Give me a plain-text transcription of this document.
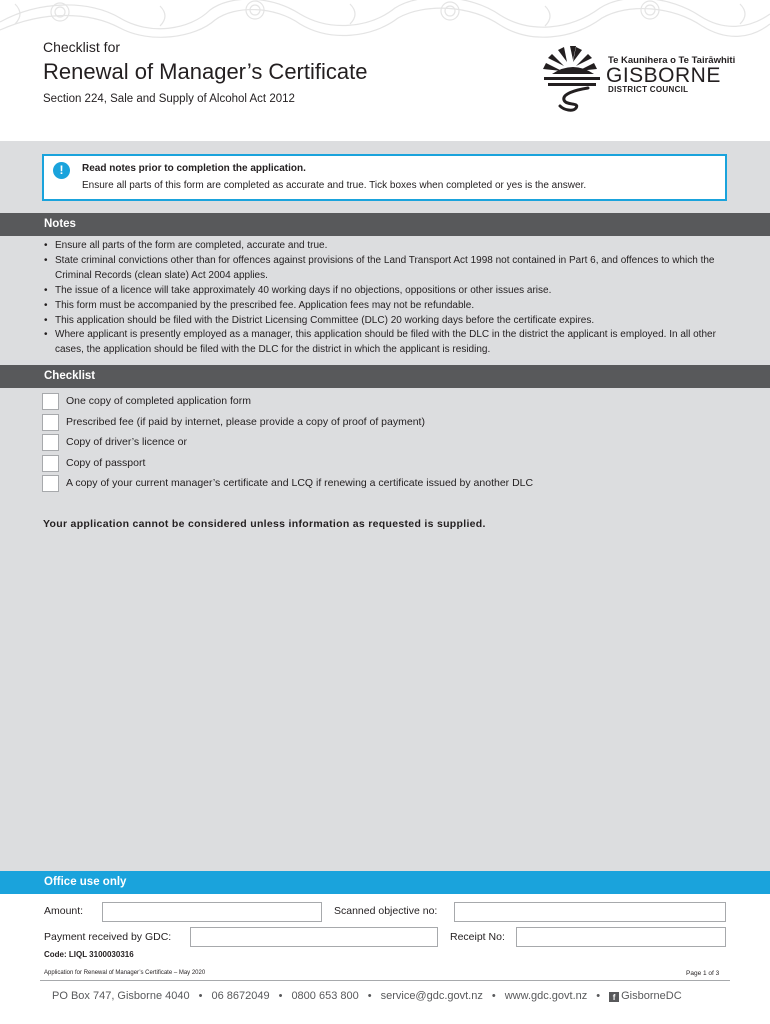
Checklist for
Renewal of Manager’s Certificate
Section 224, Sale and Supply of Alcohol Act 2012
Te Kaunihera o Te Tairāwhiti
GISBORNE
DISTRICT COUNCIL
!	Read notes prior to completion the application.
Ensure all parts of this form are completed as accurate and true. Tick boxes when completed or yes is the answer.
Notes
• Ensure all parts of the form are completed, accurate and true.
• State criminal convictions other than for offences against provisions of the Land Transport Act 1998 not contained in Part 6, and offences to which the Criminal Records (clean slate) Act 2004 applies.
• The issue of a licence will take approximately 40 working days if no objections, oppositions or other issues arise.
• This form must be accompanied by the prescribed fee. Application fees may not be refundable.
• This application should be filed with the District Licensing Committee (DLC) 20 working days before the certificate expires.
• Where applicant is presently employed as a manager, this application should be filed with the DLC in the district the applicant is employed. In all other cases, the application should be filed with the DLC for the district in which the applicant is residing.
Checklist
One copy of completed application form
Prescribed fee (if paid by internet, please provide a copy of proof of payment)
Copy of driver’s licence or
Copy of passport
A copy of your current manager’s certificate and LCQ if renewing a certificate issued by another DLC
Your application cannot be considered unless information as requested is supplied.
Office use only
Amount:	Scanned objective no:
Payment received by GDC:	Receipt No:
Code: LIQL 3100030316
Application for Renewal of Manager’s Certificate – May 2020	Page 1 of 3
PO Box 747, Gisborne 4040 • 06 8672049 • 0800 653 800 • service@gdc.govt.nz • www.gdc.govt.nz • f GisborneDC
